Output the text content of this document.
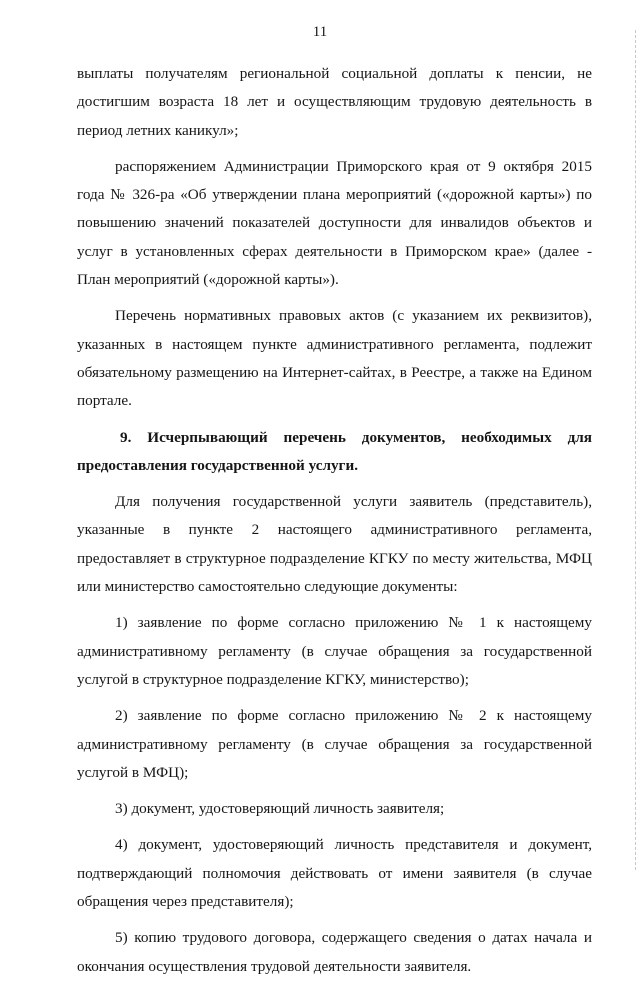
11

выплаты получателям региональной социальной доплаты к пенсии, не достигшим возраста 18 лет и осуществляющим трудовую деятельность в период летних каникул»;

распоряжением Администрации Приморского края от 9 октября 2015 года № 326-ра «Об утверждении плана мероприятий («дорожной карты») по повышению значений показателей доступности для инвалидов объектов и услуг в установленных сферах деятельности в Приморском крае» (далее - План мероприятий («дорожной карты»).

Перечень нормативных правовых актов (с указанием их реквизитов), указанных в настоящем пункте административного регламента, подлежит обязательному размещению на Интернет-сайтах, в Реестре, а также на Едином портале.

9. Исчерпывающий перечень документов, необходимых для предоставления государственной услуги.

Для получения государственной услуги заявитель (представитель), указанные в пункте 2 настоящего административного регламента, предоставляет в структурное подразделение КГКУ по месту жительства, МФЦ или министерство самостоятельно следующие документы:

1) заявление по форме согласно приложению № 1 к настоящему административному регламенту (в случае обращения за государственной услугой в структурное подразделение КГКУ, министерство);

2) заявление по форме согласно приложению № 2 к настоящему административному регламенту (в случае обращения за государственной услугой в МФЦ);

3) документ, удостоверяющий личность заявителя;

4) документ, удостоверяющий личность представителя и документ, подтверждающий полномочия действовать от имени заявителя (в случае обращения через представителя);

5) копию трудового договора, содержащего сведения о датах начала и окончания осуществления трудовой деятельности заявителя.
